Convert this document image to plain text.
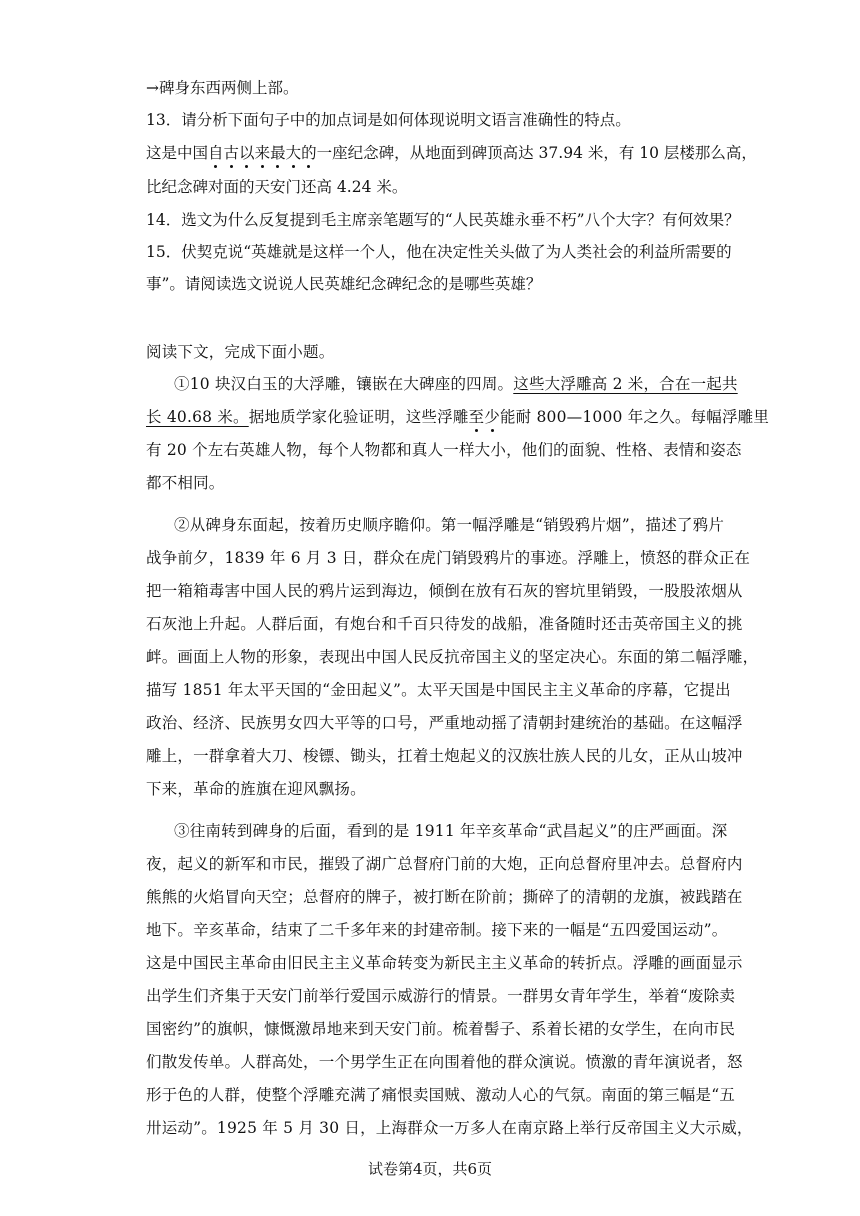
→碑身东西两侧上部。
13．请分析下面句子中的加点词是如何体现说明文语言准确性的特点。
这是中国自古以来最大的一座纪念碑，从地面到碑顶高达 37.94 米，有 10 层楼那么高，
比纪念碑对面的天安门还高 4.24 米。
14．选文为什么反复提到毛主席亲笔题写的“人民英雄永垂不朽”八个大字？有何效果？
15．伏契克说“英雄就是这样一个人，他在决定性关头做了为人类社会的利益所需要的
事”。请阅读选文说说人民英雄纪念碑纪念的是哪些英雄？
阅读下文，完成下面小题。
①10 块汉白玉的大浮雕，镶嵌在大碑座的四周。这些大浮雕高 2 米，合在一起共
长 40.68 米。据地质学家化验证明，这些浮雕至少能耐 800—1000 年之久。每幅浮雕里
有 20 个左右英雄人物，每个人物都和真人一样大小，他们的面貌、性格、表情和姿态
都不相同。
②从碑身东面起，按着历史顺序瞻仰。第一幅浮雕是“销毁鸦片烟”，描述了鸦片
战争前夕，1839 年 6 月 3 日，群众在虎门销毁鸦片的事迹。浮雕上，愤怒的群众正在
把一箱箱毒害中国人民的鸦片运到海边，倾倒在放有石灰的窖坑里销毁，一股股浓烟从
石灰池上升起。人群后面，有炮台和千百只待发的战船，准备随时还击英帝国主义的挑
衅。画面上人物的形象，表现出中国人民反抗帝国主义的坚定决心。东面的第二幅浮雕，
描写 1851 年太平天国的“金田起义”。太平天国是中国民主主义革命的序幕，它提出
政治、经济、民族男女四大平等的口号，严重地动摇了清朝封建统治的基础。在这幅浮
雕上，一群拿着大刀、梭镖、锄头，扛着土炮起义的汉族壮族人民的儿女，正从山坡冲
下来，革命的旌旗在迎风飘扬。
③往南转到碑身的后面，看到的是 1911 年辛亥革命“武昌起义”的庄严画面。深
夜，起义的新军和市民，摧毁了湖广总督府门前的大炮，正向总督府里冲去。总督府内
熊熊的火焰冒向天空；总督府的牌子，被打断在阶前；撕碎了的清朝的龙旗，被践踏在
地下。辛亥革命，结束了二千多年来的封建帝制。接下来的一幅是“五四爱国运动”。
这是中国民主革命由旧民主主义革命转变为新民主主义革命的转折点。浮雕的画面显示
出学生们齐集于天安门前举行爱国示威游行的情景。一群男女青年学生，举着“废除卖
国密约”的旗帜，慷慨激昂地来到天安门前。梳着髻子、系着长裙的女学生，在向市民
们散发传单。人群高处，一个男学生正在向围着他的群众演说。愤激的青年演说者，怒
形于色的人群，使整个浮雕充满了痛恨卖国贼、激动人心的气氛。南面的第三幅是“五
卅运动”。1925 年 5 月 30 日，上海群众一万多人在南京路上举行反帝国主义大示威，
试卷第4页，共6页
